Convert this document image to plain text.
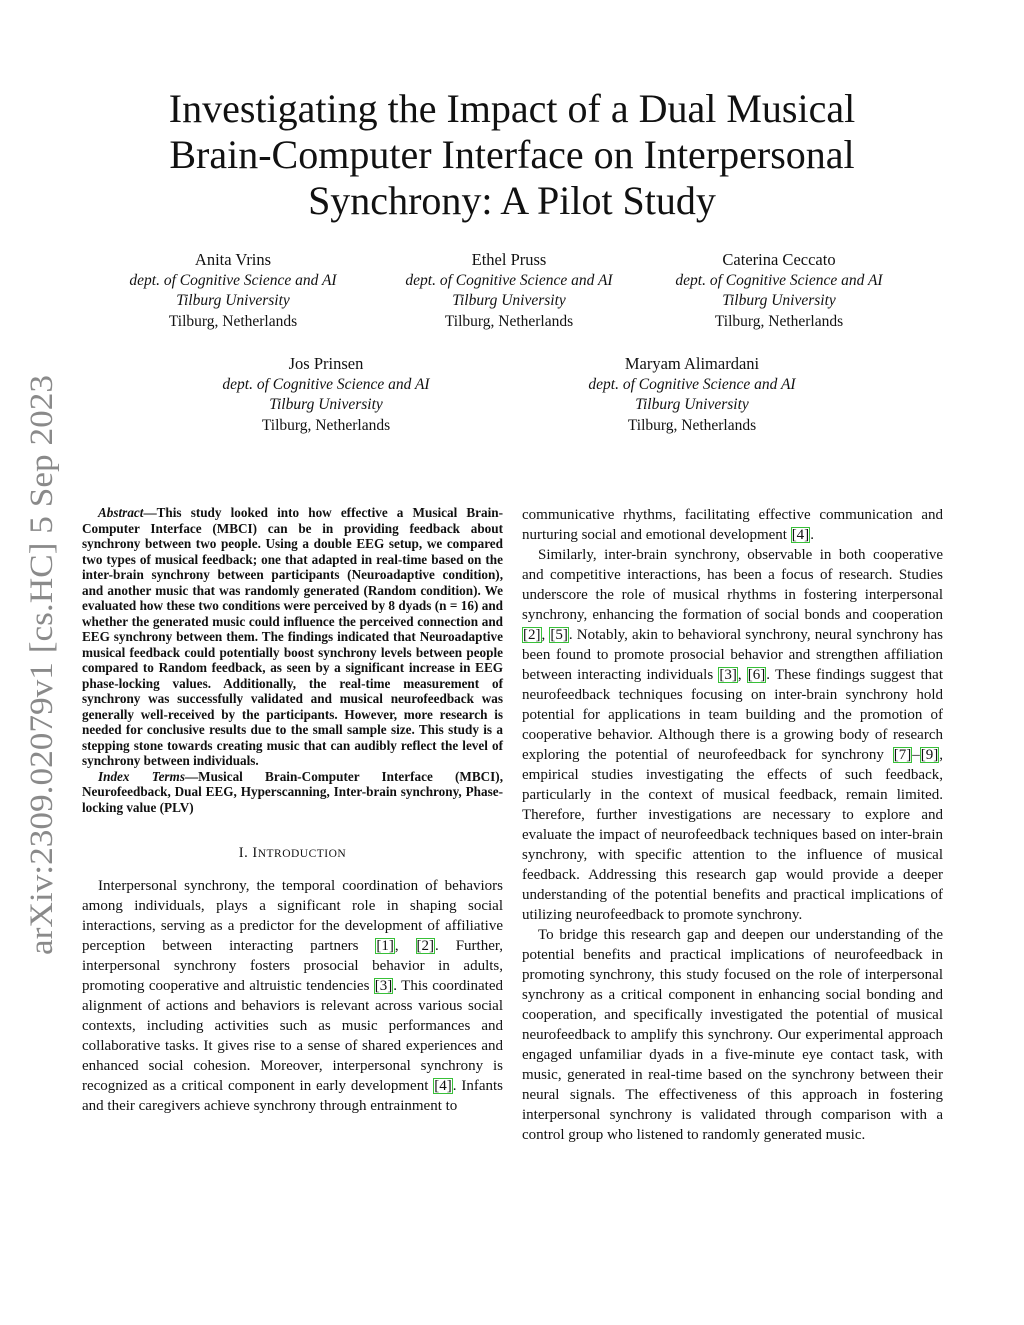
arXiv:2309.02079v1 [cs.HC] 5 Sep 2023
Investigating the Impact of a Dual Musical
Brain-Computer Interface on Interpersonal
Synchrony: A Pilot Study
Anita Vrins
dept. of Cognitive Science and AI
Tilburg University
Tilburg, Netherlands
Ethel Pruss
dept. of Cognitive Science and AI
Tilburg University
Tilburg, Netherlands
Caterina Ceccato
dept. of Cognitive Science and AI
Tilburg University
Tilburg, Netherlands
Jos Prinsen
dept. of Cognitive Science and AI
Tilburg University
Tilburg, Netherlands
Maryam Alimardani
dept. of Cognitive Science and AI
Tilburg University
Tilburg, Netherlands

Abstract—This study looked into how effective a Musical Brain-Computer Interface (MBCI) can be in providing feedback about synchrony between two people. Using a double EEG setup, we compared two types of musical feedback; one that adapted in real-time based on the inter-brain synchrony between participants (Neuroadaptive condition), and another music that was randomly generated (Random condition). We evaluated how these two conditions were perceived by 8 dyads (n = 16) and whether the generated music could influence the perceived connection and EEG synchrony between them. The findings indicated that Neuroadaptive musical feedback could potentially boost synchrony levels between people compared to Random feedback, as seen by a significant increase in EEG phase-locking values. Additionally, the real-time measurement of synchrony was successfully validated and musical neurofeedback was generally well-received by the participants. However, more research is needed for conclusive results due to the small sample size. This study is a stepping stone towards creating music that can audibly reflect the level of synchrony between individuals.

Index Terms—Musical Brain-Computer Interface (MBCI), Neurofeedback, Dual EEG, Hyperscanning, Inter-brain synchrony, Phase-locking value (PLV)

I. INTRODUCTION

Interpersonal synchrony, the temporal coordination of behaviors among individuals, plays a significant role in shaping social interactions, serving as a predictor for the development of affiliative perception between interacting partners [1], [2]. Further, interpersonal synchrony fosters prosocial behavior in adults, promoting cooperative and altruistic tendencies [3]. This coordinated alignment of actions and behaviors is relevant across various social contexts, including activities such as music performances and collaborative tasks. It gives rise to a sense of shared experiences and enhanced social cohesion. Moreover, interpersonal synchrony is recognized as a critical component in early development [4]. Infants and their caregivers achieve synchrony through entrainment to

communicative rhythms, facilitating effective communication and nurturing social and emotional development [4].

Similarly, inter-brain synchrony, observable in both cooperative and competitive interactions, has been a focus of research. Studies underscore the role of musical rhythms in fostering interpersonal synchrony, enhancing the formation of social bonds and cooperation [2], [5]. Notably, akin to behavioral synchrony, neural synchrony has been found to promote prosocial behavior and strengthen affiliation between interacting individuals [3], [6]. These findings suggest that neurofeedback techniques focusing on inter-brain synchrony hold potential for applications in team building and the promotion of cooperative behavior. Although there is a growing body of research exploring the potential of neurofeedback for synchrony [7]–[9], empirical studies investigating the effects of such feedback, particularly in the context of musical feedback, remain limited. Therefore, further investigations are necessary to explore and evaluate the impact of neurofeedback techniques based on inter-brain synchrony, with specific attention to the influence of musical feedback. Addressing this research gap would provide a deeper understanding of the potential benefits and practical implications of utilizing neurofeedback to promote synchrony.

To bridge this research gap and deepen our understanding of the potential benefits and practical implications of neurofeedback in promoting synchrony, this study focused on the role of interpersonal synchrony as a critical component in enhancing social bonding and cooperation, and specifically investigated the potential of musical neurofeedback to amplify this synchrony. Our experimental approach engaged unfamiliar dyads in a five-minute eye contact task, with music, generated in real-time based on the synchrony between their neural signals. The effectiveness of this approach in fostering interpersonal synchrony is validated through comparison with a control group who listened to randomly generated music.
